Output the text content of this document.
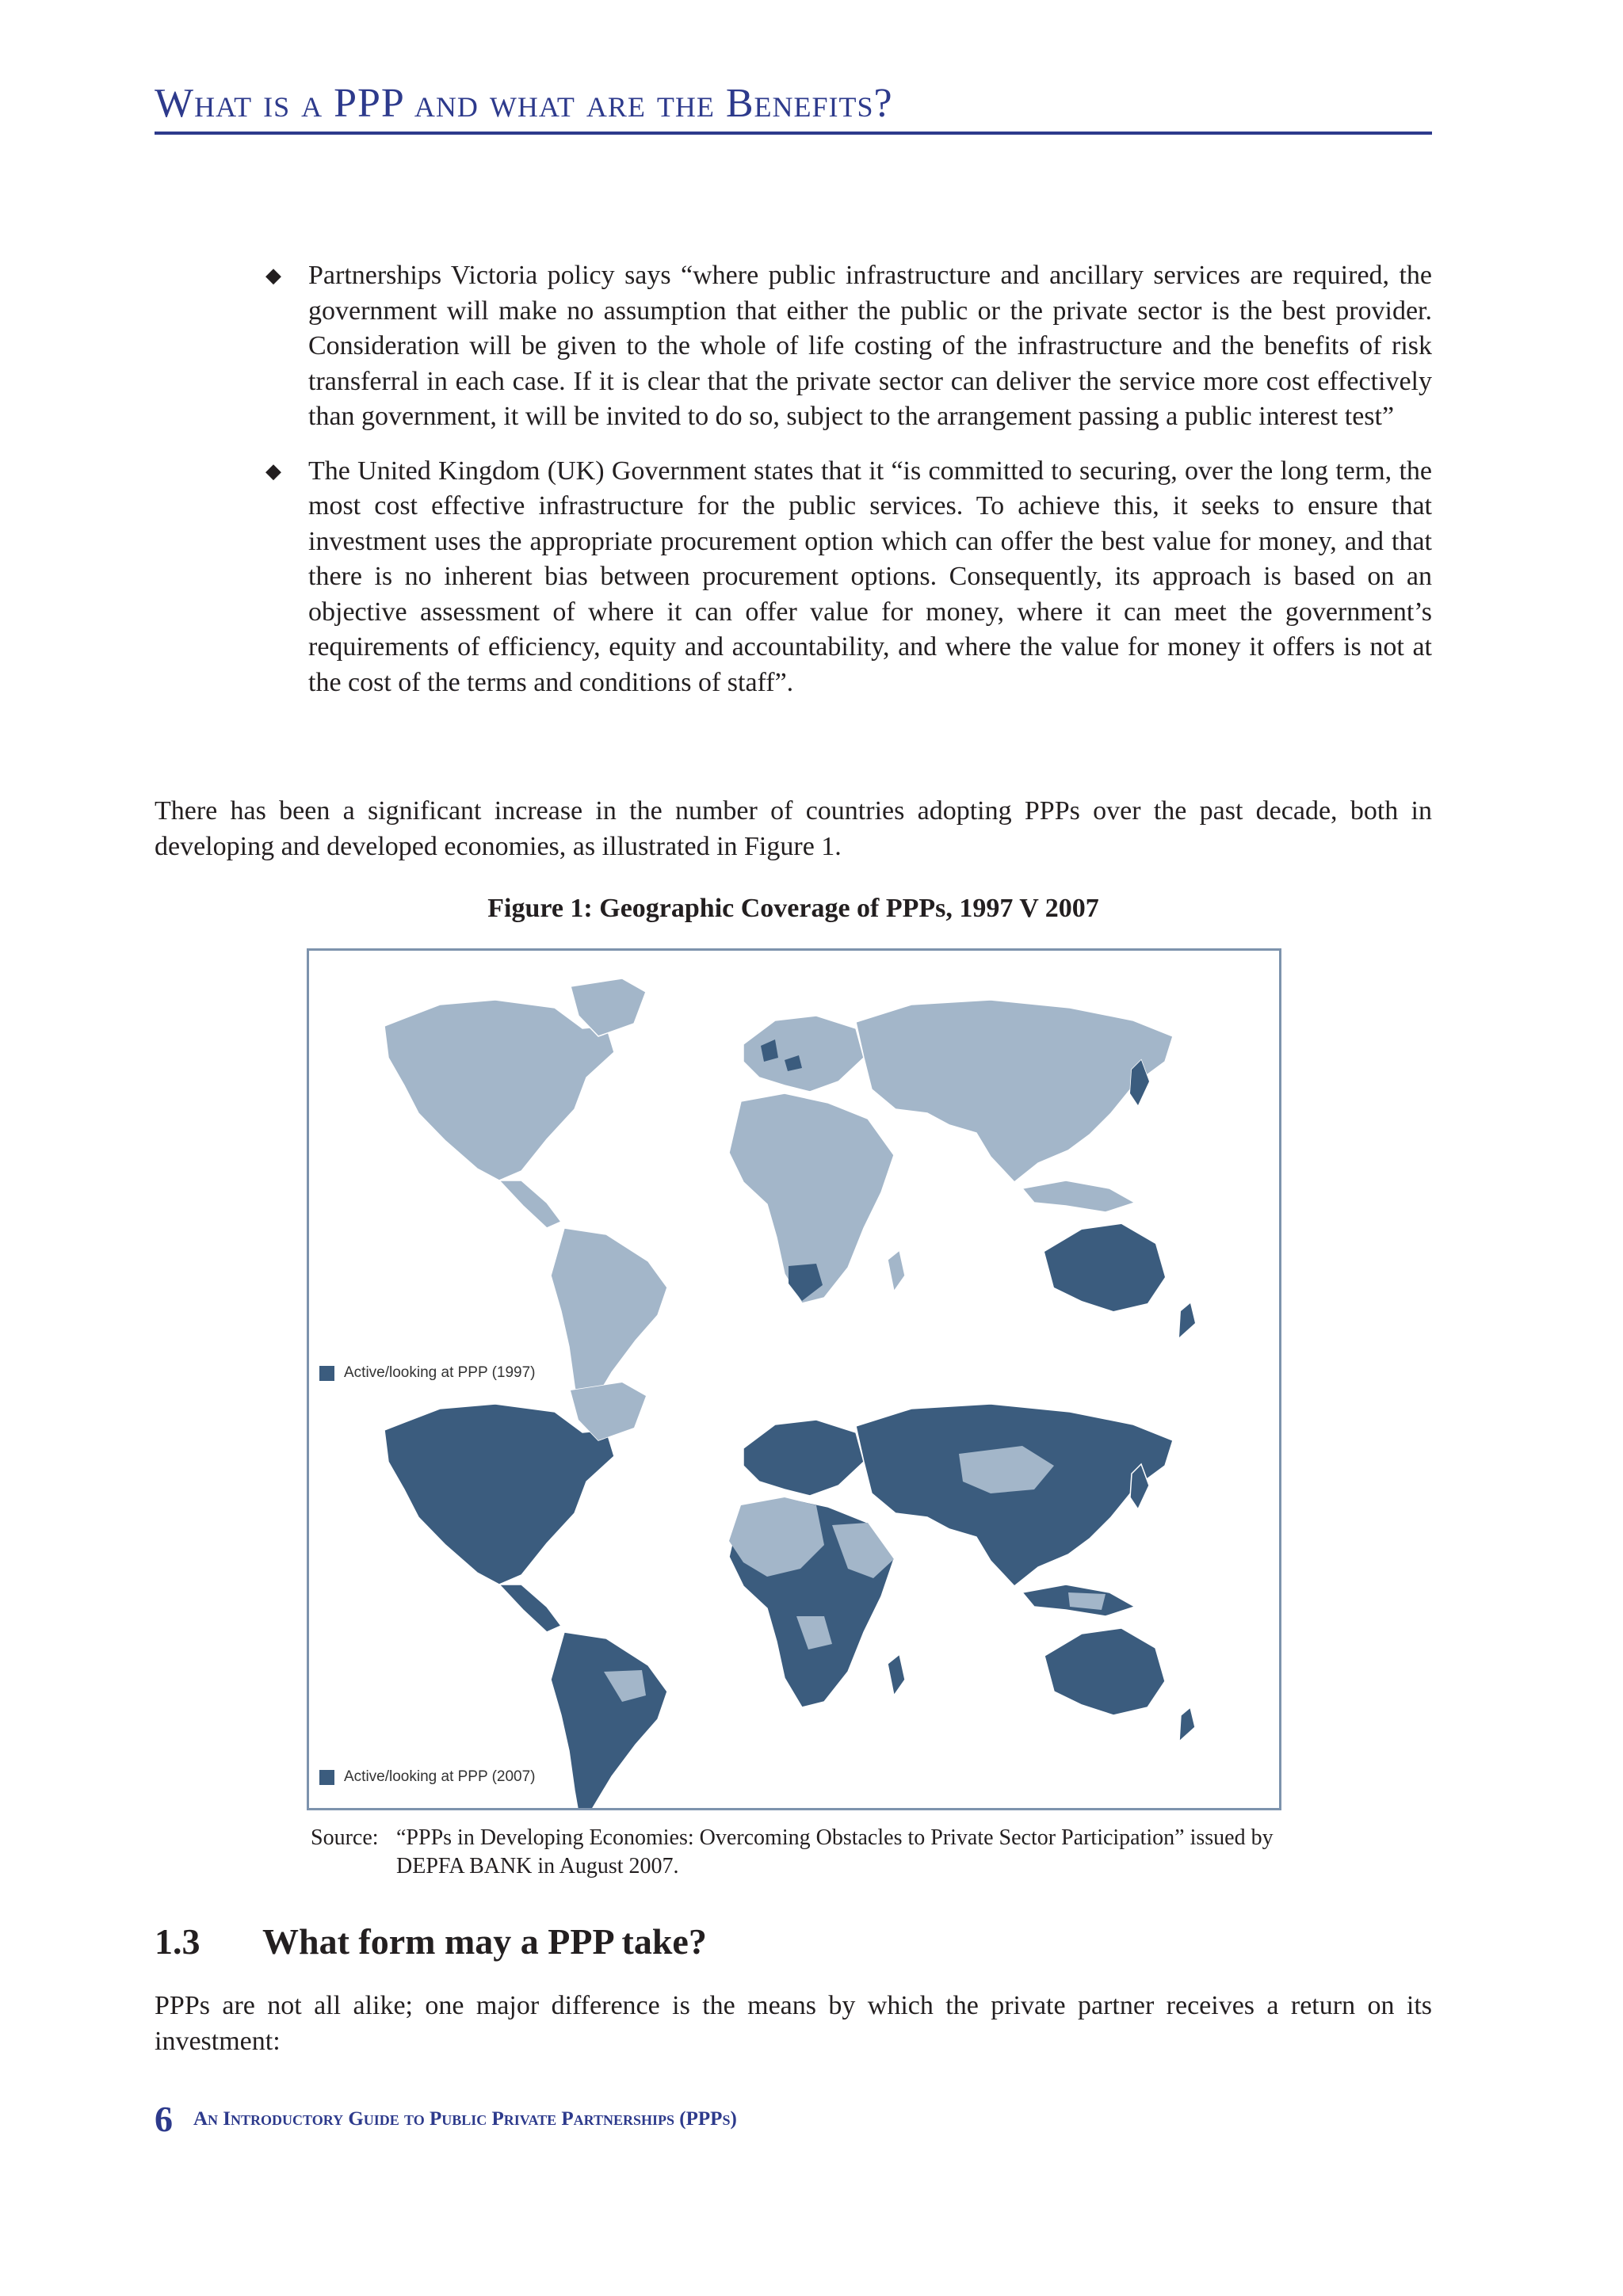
What is a PPP and what are the Benefits?
◆ Partnerships Victoria policy says “where public infrastructure and ancillary services are required, the government will make no assumption that either the public or the private sector is the best provider. Consideration will be given to the whole of life costing of the infrastructure and the benefits of risk transferral in each case. If it is clear that the private sector can deliver the service more cost effectively than government, it will be invited to do so, subject to the arrangement passing a public interest test”
◆ The United Kingdom (UK) Government states that it “is committed to securing, over the long term, the most cost effective infrastructure for the public services. To achieve this, it seeks to ensure that investment uses the appropriate procurement option which can offer the best value for money, and that there is no inherent bias between procurement options. Consequently, its approach is based on an objective assessment of where it can offer value for money, where it can meet the government’s requirements of efficiency, equity and accountability, and where the value for money it offers is not at the cost of the terms and conditions of staff”.
There has been a significant increase in the number of countries adopting PPPs over the past decade, both in developing and developed economies, as illustrated in Figure 1.
Figure 1: Geographic Coverage of PPPs, 1997 V 2007
Active/looking at PPP (1997)
Active/looking at PPP (2007)
Source: “PPPs in Developing Economies: Overcoming Obstacles to Private Sector Participation” issued by DEPFA BANK in August 2007.
1.3 What form may a PPP take?
PPPs are not all alike; one major difference is the means by which the private partner receives a return on its investment:
6 An Introductory Guide to Public Private Partnerships (PPPs)
